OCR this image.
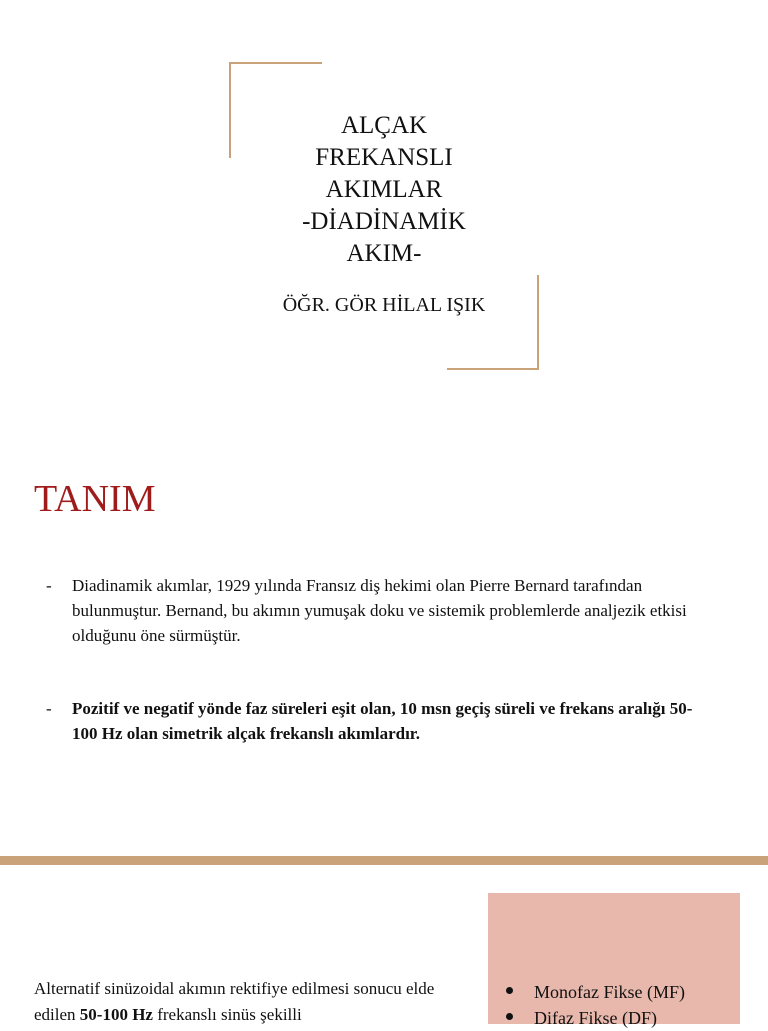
ALÇAK
FREKANSLI
AKIMLAR
-DİADİNAMİK
AKIM-
ÖĞR. GÖR HİLAL IŞIK
TANIM
- Diadinamik akımlar, 1929 yılında Fransız diş hekimi olan Pierre Bernard tarafından bulunmuştur. Bernand, bu akımın yumuşak doku ve sistemik problemlerde analjezik etkisi olduğunu öne sürmüştür.
- Pozitif ve negatif yönde faz süreleri eşit olan, 10 msn geçiş süreli ve frekans aralığı 50-100 Hz olan simetrik alçak frekanslı akımlardır.
Alternatif sinüzoidal akımın rektifiye edilmesi sonucu elde edilen 50-100 Hz frekanslı sinüs şekilli
Monofaz Fikse (MF)
Difaz Fikse (DF)
